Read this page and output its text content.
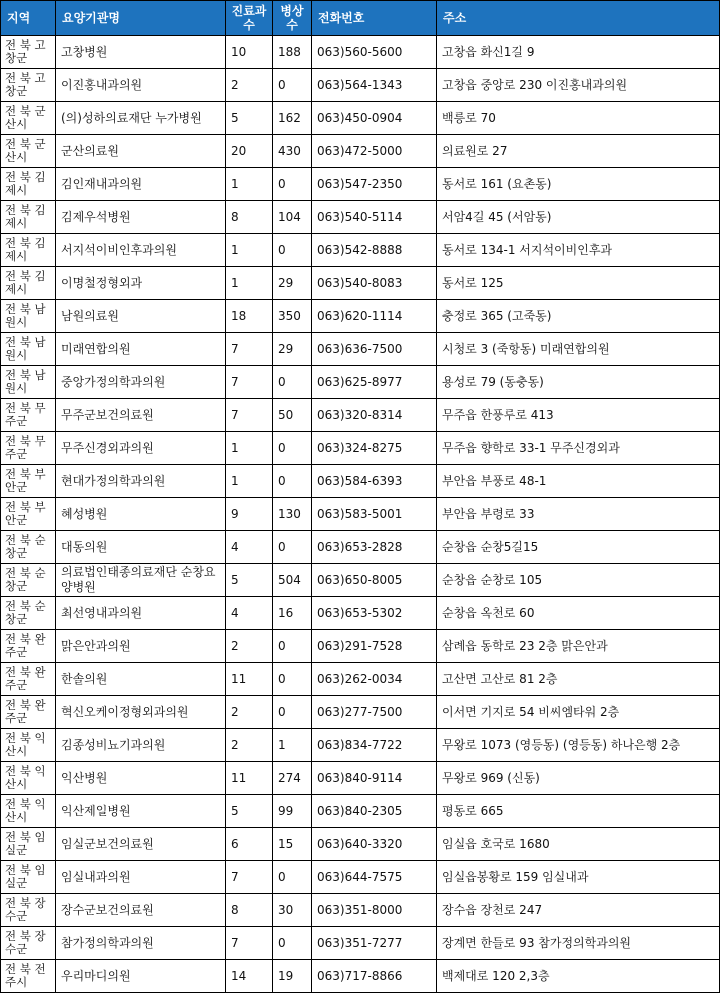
지역	요양기관명	진료과수	병상수	전화번호	주소
전 북 고창군	고창병원	10	188	063)560-5600	고창읍 화신1길 9
전 북 고창군	이진홍내과의원	2	0	063)564-1343	고창읍 중앙로 230 이진홍내과의원
전 북 군산시	(의)성하의료재단 누가병원	5	162	063)450-0904	백릉로 70
전 북 군산시	군산의료원	20	430	063)472-5000	의료원로 27
전 북 김제시	김인재내과의원	1	0	063)547-2350	동서로 161 (요촌동)
전 북 김제시	김제우석병원	8	104	063)540-5114	서암4길 45 (서암동)
전 북 김제시	서지석이비인후과의원	1	0	063)542-8888	동서로 134-1 서지석이비인후과
전 북 김제시	이명철정형외과	1	29	063)540-8083	동서로 125
전 북 남원시	남원의료원	18	350	063)620-1114	충정로 365 (고죽동)
전 북 남원시	미래연합의원	7	29	063)636-7500	시청로 3 (죽항동) 미래연합의원
전 북 남원시	중앙가정의학과의원	7	0	063)625-8977	용성로 79 (동충동)
전 북 무주군	무주군보건의료원	7	50	063)320-8314	무주읍 한풍루로 413
전 북 무주군	무주신경외과의원	1	0	063)324-8275	무주읍 향학로 33-1 무주신경외과
전 북 부안군	현대가정의학과의원	1	0	063)584-6393	부안읍 부풍로 48-1
전 북 부안군	혜성병원	9	130	063)583-5001	부안읍 부령로 33
전 북 순창군	대동의원	4	0	063)653-2828	순창읍 순창5길15
전 북 순창군	의료법인태종의료재단 순창요양병원	5	504	063)650-8005	순창읍 순창로 105
전 북 순창군	최선영내과의원	4	16	063)653-5302	순창읍 옥천로 60
전 북 완주군	맑은안과의원	2	0	063)291-7528	삼례읍 동학로 23 2층 맑은안과
전 북 완주군	한솔의원	11	0	063)262-0034	고산면 고산로 81 2층
전 북 완주군	혁신오케이정형외과의원	2	0	063)277-7500	이서면 기지로 54 비씨엠타워 2층
전 북 익산시	김종성비뇨기과의원	2	1	063)834-7722	무왕로 1073 (영등동) (영등동) 하나은행 2층
전 북 익산시	익산병원	11	274	063)840-9114	무왕로 969 (신동)
전 북 익산시	익산제일병원	5	99	063)840-2305	평동로 665
전 북 임실군	임실군보건의료원	6	15	063)640-3320	임실읍 호국로 1680
전 북 임실군	임실내과의원	7	0	063)644-7575	임실읍봉황로 159 임실내과
전 북 장수군	장수군보건의료원	8	30	063)351-8000	장수읍 장천로 247
전 북 장수군	참가정의학과의원	7	0	063)351-7277	장계면 한들로 93 참가정의학과의원
전 북 전주시	우리마디의원	14	19	063)717-8866	백제대로 120 2,3층
